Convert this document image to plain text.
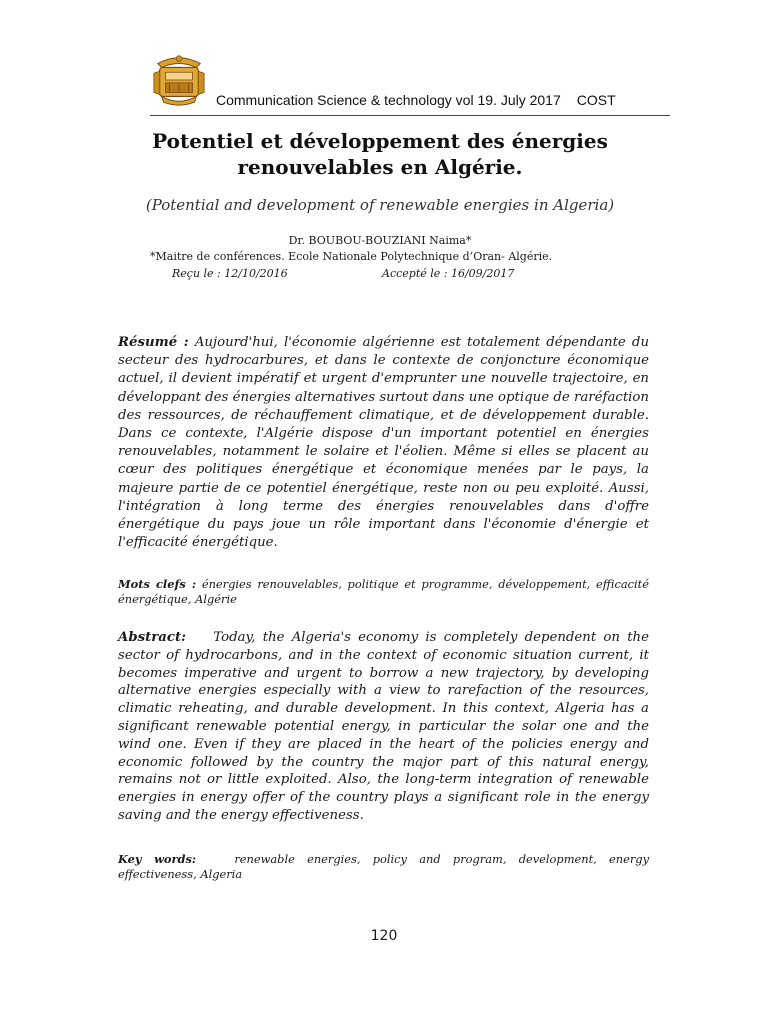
Communication Science & technology vol 19. July 2017 COST
Potentiel et développement des énergies
renouvelables en Algérie.
(Potential and development of renewable energies in Algeria)
Dr. BOUBOU-BOUZIANI Naima*
*Maitre de conférences. Ecole Nationale Polytechnique d’Oran- Algérie.
Reçu le : 12/10/2016	Accepté le : 16/09/2017
Résumé : Aujourd'hui, l'économie algérienne est totalement dépendante du secteur des hydrocarbures, et dans le contexte de conjoncture économique actuel, il devient impératif et urgent d'emprunter une nouvelle trajectoire, en développant des énergies alternatives surtout dans une optique de raréfaction des ressources, de réchauffement climatique, et de développement durable. Dans ce contexte, l'Algérie dispose d'un important potentiel en énergies renouvelables, notamment le solaire et l'éolien. Même si elles se placent au cœur des politiques énergétique et économique menées par le pays, la majeure partie de ce potentiel énergétique, reste non ou peu exploité. Aussi, l'intégration à long terme des énergies renouvelables dans d'offre énergétique du pays joue un rôle important dans l'économie d'énergie et l'efficacité énergétique.
Mots clefs : énergies renouvelables, politique et programme, développement, efficacité énergétique, Algérie
Abstract: Today, the Algeria's economy is completely dependent on the sector of hydrocarbons, and in the context of economic situation current, it becomes imperative and urgent to borrow a new trajectory, by developing alternative energies especially with a view to rarefaction of the resources, climatic reheating, and durable development. In this context, Algeria has a significant renewable potential energy, in particular the solar one and the wind one. Even if they are placed in the heart of the policies energy and economic followed by the country the major part of this natural energy, remains not or little exploited. Also, the long-term integration of renewable energies in energy offer of the country plays a significant role in the energy saving and the energy effectiveness.
Key words:	renewable energies, policy and program, development, energy effectiveness, Algeria
120
